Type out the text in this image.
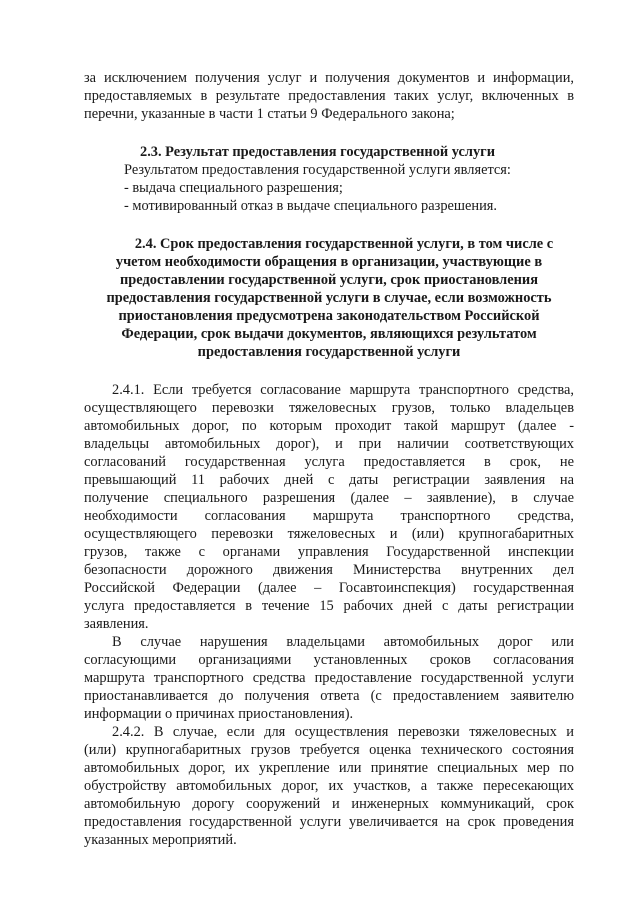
за исключением получения услуг и получения документов и информации,
предоставляемых в результате предоставления таких услуг, включенных в
перечни, указанные в части 1 статьи 9 Федерального закона;
2.3. Результат предоставления государственной услуги
Результатом предоставления государственной услуги является:
- выдача специального разрешения;
- мотивированный отказ в выдаче специального разрешения.
2.4. Срок предоставления государственной услуги, в том числе с
учетом необходимости обращения в организации, участвующие в
предоставлении государственной услуги, срок приостановления
предоставления государственной услуги в случае, если возможность
приостановления предусмотрена законодательством Российской
Федерации, срок выдачи документов, являющихся результатом
предоставления государственной услуги
2.4.1. Если требуется согласование маршрута транспортного средства,
осуществляющего перевозки тяжеловесных грузов, только владельцев
автомобильных дорог, по которым проходит такой маршрут (далее -
владельцы автомобильных дорог), и при наличии соответствующих
согласований государственная услуга предоставляется в срок, не
превышающий 11 рабочих дней с даты регистрации заявления на
получение специального разрешения (далее – заявление), в случае
необходимости согласования маршрута транспортного средства,
осуществляющего перевозки тяжеловесных и (или) крупногабаритных
грузов, также с органами управления Государственной инспекции
безопасности дорожного движения Министерства внутренних дел
Российской Федерации (далее – Госавтоинспекция) государственная
услуга предоставляется в течение 15 рабочих дней с даты регистрации
заявления.
В случае нарушения владельцами автомобильных дорог или
согласующими организациями установленных сроков согласования
маршрута транспортного средства предоставление государственной услуги
приостанавливается до получения ответа (с предоставлением заявителю
информации о причинах приостановления).
2.4.2. В случае, если для осуществления перевозки тяжеловесных и
(или) крупногабаритных грузов требуется оценка технического состояния
автомобильных дорог, их укрепление или принятие специальных мер по
обустройству автомобильных дорог, их участков, а также пересекающих
автомобильную дорогу сооружений и инженерных коммуникаций, срок
предоставления государственной услуги увеличивается на срок проведения
указанных мероприятий.
